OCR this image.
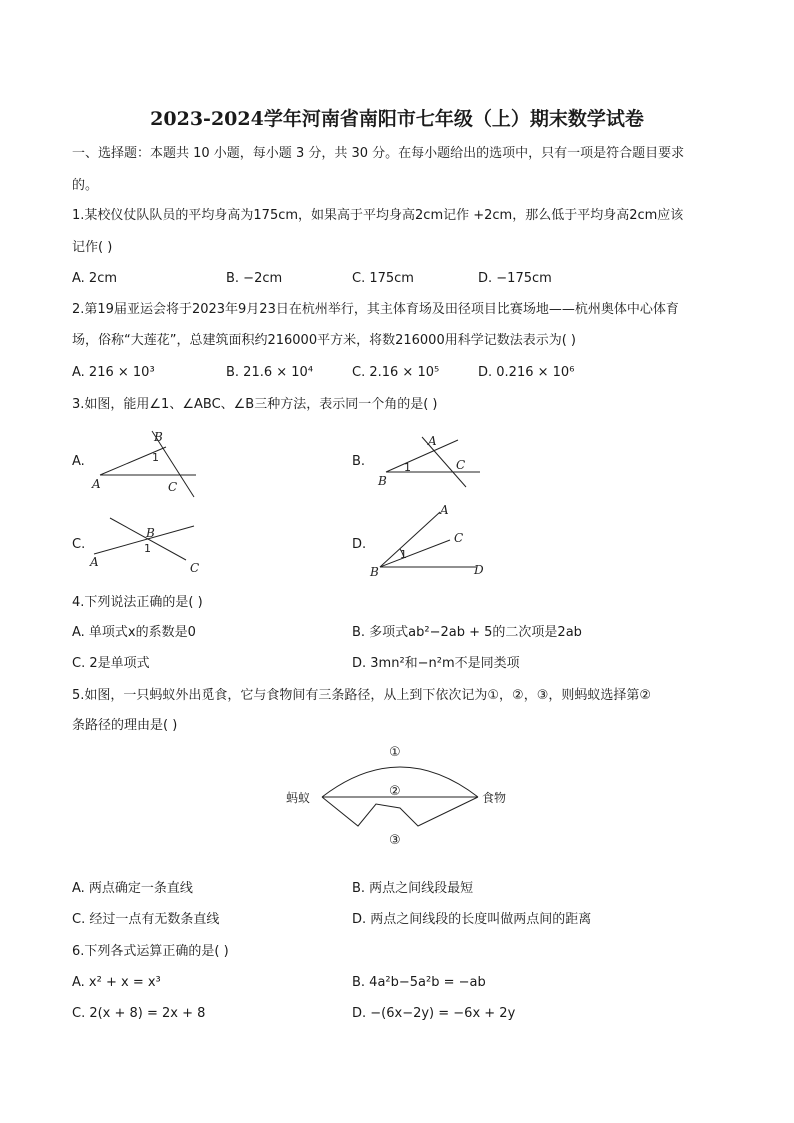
2023-2024学年河南省南阳市七年级（上）期末数学试卷
一、选择题：本题共 10 小题，每小题 3 分，共 30 分。在每小题给出的选项中，只有一项是符合题目要求
的。
1.某校仪仗队队员的平均身高为175cm，如果高于平均身高2cm记作 +2cm，那么低于平均身高2cm应该
记作( )
A. 2cm	B. −2cm	C. 175cm	D. −175cm
2.第19届亚运会将于2023年9月23日在杭州举行，其主体育场及田径项目比赛场地——杭州奥体中心体育
场，俗称“大莲花”，总建筑面积约216000平方米，将数216000用科学记数法表示为( )
A. 216 × 10³	B. 21.6 × 10⁴	C. 2.16 × 10⁵	D. 0.216 × 10⁶
3.如图，能用∠1、∠ABC、∠B三种方法，表示同一个角的是( )
A.
B
1
A	C
B.
A
1	C
B
C.
B
1
A	C
D.
A
1
C
B	D
4.下列说法正确的是( )
A. 单项式x的系数是0	B. 多项式ab²−2ab + 5的二次项是2ab
C. 2是单项式	D. 3mn²和−n²m不是同类项
5.如图，一只蚂蚁外出觅食，它与食物间有三条路径，从上到下依次记为①，②，③，则蚂蚁选择第②
条路径的理由是( )
蚂蚁	食物
①
②
③
A. 两点确定一条直线	B. 两点之间线段最短
C. 经过一点有无数条直线	D. 两点之间线段的长度叫做两点间的距离
6.下列各式运算正确的是( )
A. x² + x = x³	B. 4a²b−5a²b = −ab
C. 2(x + 8) = 2x + 8	D. −(6x−2y) = −6x + 2y
